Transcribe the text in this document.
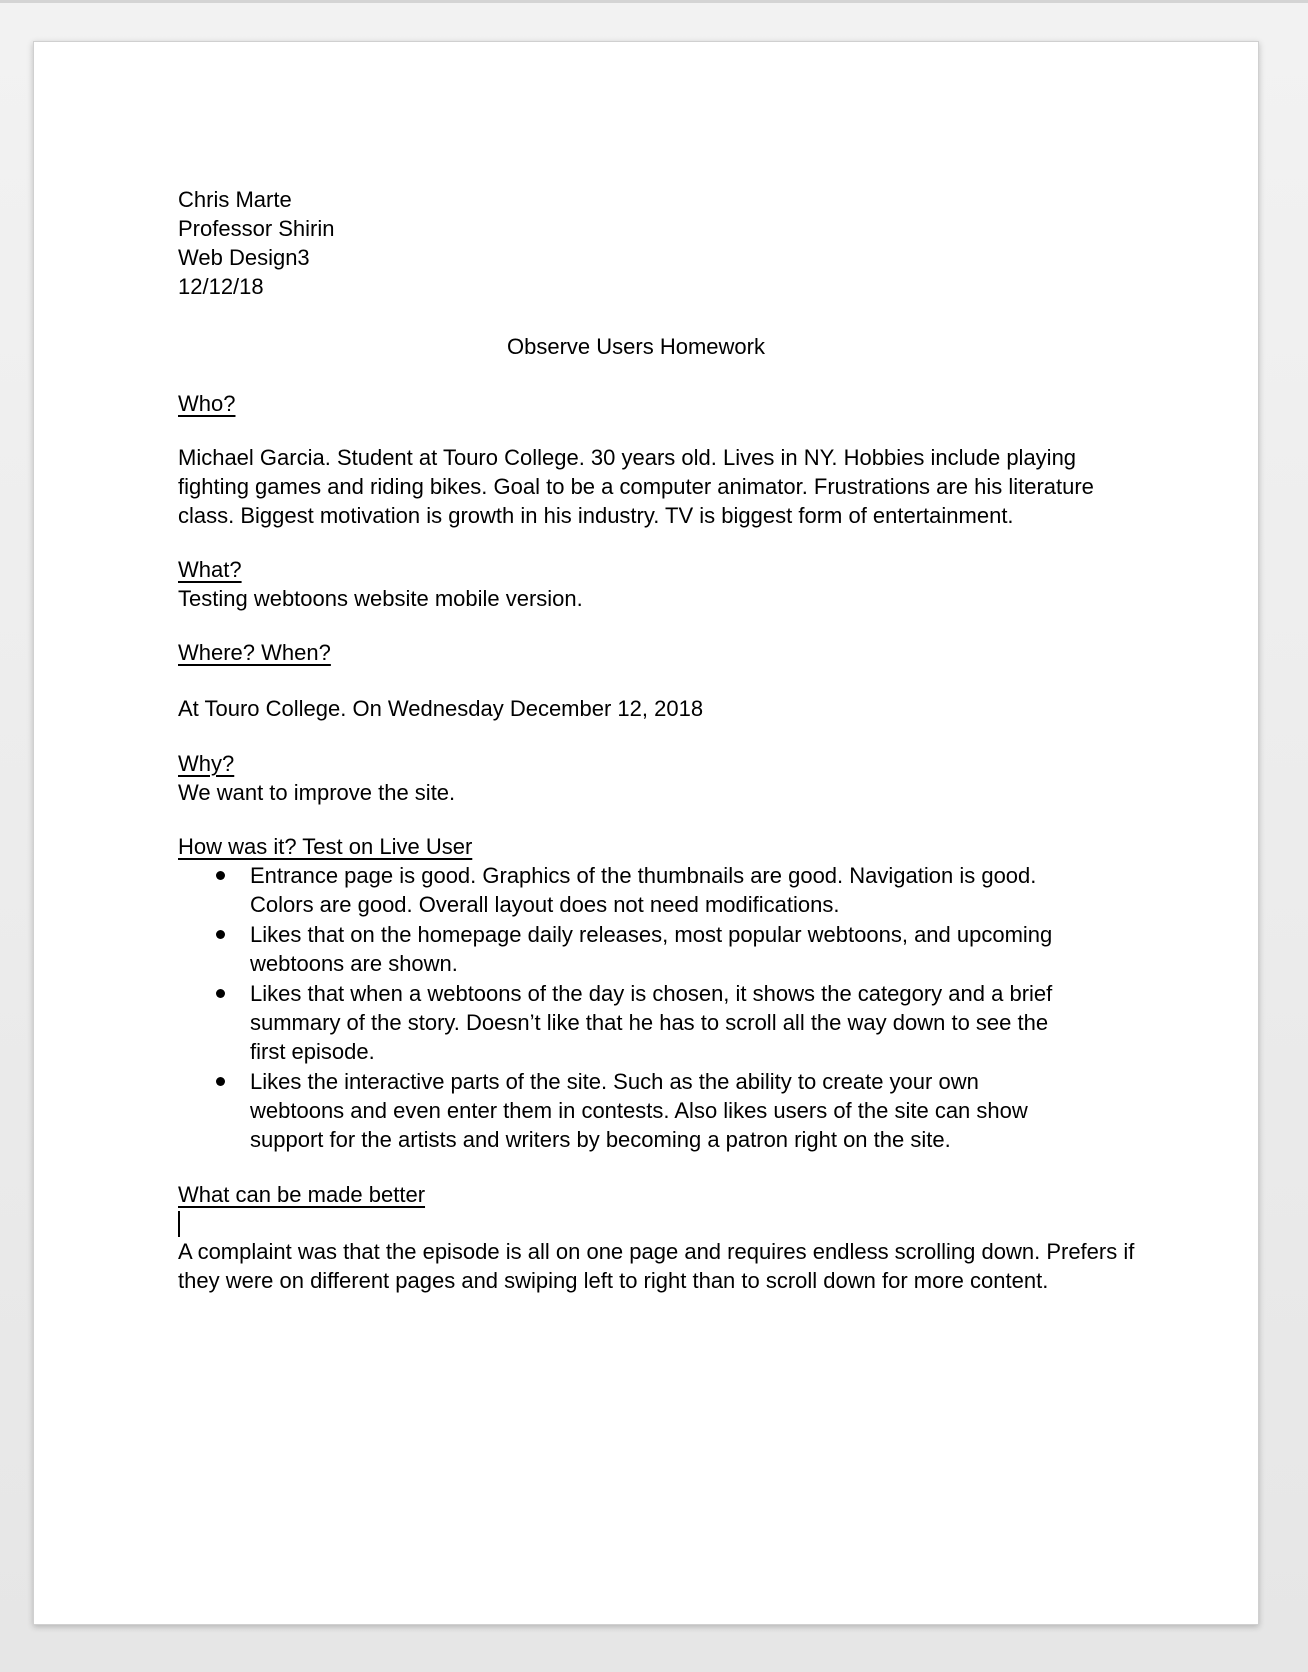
Chris Marte
Professor Shirin
Web Design3
12/12/18
Observe Users Homework
Who?
Michael Garcia. Student at Touro College. 30 years old. Lives in NY. Hobbies include playing fighting games and riding bikes. Goal to be a computer animator. Frustrations are his literature class. Biggest motivation is growth in his industry. TV is biggest form of entertainment.
What?
Testing webtoons website mobile version.
Where? When?
At Touro College. On Wednesday December 12, 2018
Why?
We want to improve the site.
How was it? Test on Live User
Entrance page is good. Graphics of the thumbnails are good. Navigation is good. Colors are good. Overall layout does not need modifications.
Likes that on the homepage daily releases, most popular webtoons, and upcoming webtoons are shown.
Likes that when a webtoons of the day is chosen, it shows the category and a brief summary of the story. Doesn’t like that he has to scroll all the way down to see the first episode.
Likes the interactive parts of the site. Such as the ability to create your own webtoons and even enter them in contests. Also likes users of the site can show support for the artists and writers by becoming a patron right on the site.
What can be made better
A complaint was that the episode is all on one page and requires endless scrolling down. Prefers if they were on different pages and swiping left to right than to scroll down for more content.
